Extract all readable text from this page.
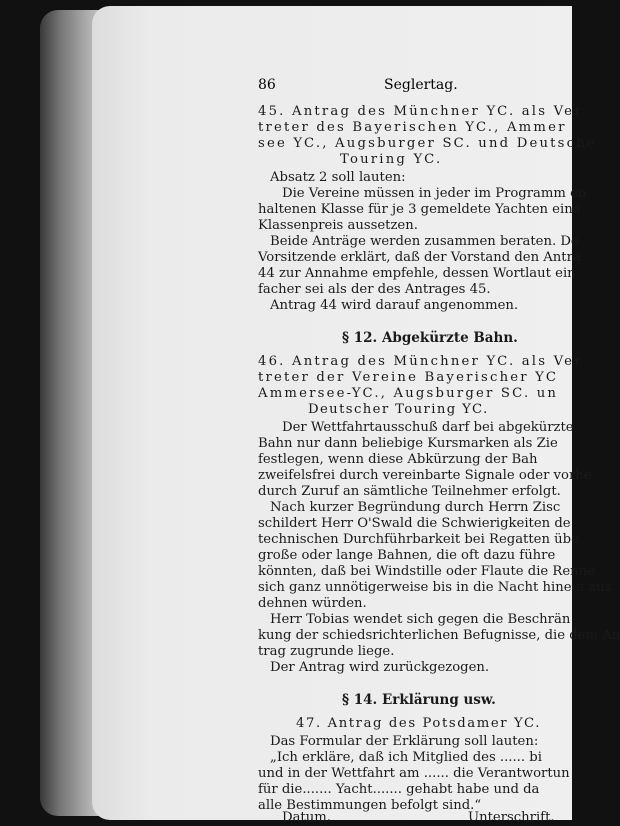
86	Seglertag.
45. Antrag des Münchner YC. als Ver
treter des Bayerischen YC., Ammer
see YC., Augsburger SC. und Deutsche
Touring YC.
Absatz 2 soll lauten:
Die Vereine müssen in jeder im Programm en
haltenen Klasse für je 3 gemeldete Yachten eine
Klassenpreis aussetzen.
Beide Anträge werden zusammen beraten. De
Vorsitzende erklärt, daß der Vorstand den Antra
44 zur Annahme empfehle, dessen Wortlaut ein
facher sei als der des Antrages 45.
Antrag 44 wird darauf angenommen.
§ 12. Abgekürzte Bahn.
46. Antrag des Münchner YC. als Ver
treter der Vereine Bayerischer YC
Ammersee-YC., Augsburger SC. un
Deutscher Touring YC.
Der Wettfahrtausschuß darf bei abgekürzte
Bahn nur dann beliebige Kursmarken als Zie
festlegen, wenn diese Abkürzung der Bah
zweifelsfrei durch vereinbarte Signale oder vorhe
durch Zuruf an sämtliche Teilnehmer erfolgt.
Nach kurzer Begründung durch Herrn Zisc
schildert Herr O'Swald die Schwierigkeiten de
technischen Durchführbarkeit bei Regatten übe
große oder lange Bahnen, die oft dazu führe
könnten, daß bei Windstille oder Flaute die Renne
sich ganz unnötigerweise bis in die Nacht hinein aus
dehnen würden.
Herr Tobias wendet sich gegen die Beschrän
kung der schiedsrichterlichen Befugnisse, die dem An
trag zugrunde liege.
Der Antrag wird zurückgezogen.
§ 14. Erklärung usw.
47. Antrag des Potsdamer YC.
Das Formular der Erklärung soll lauten:
„Ich erkläre, daß ich Mitglied des ...... bi
und in der Wettfahrt am ...... die Verantwortun
für die....... Yacht....... gehabt habe und da
alle Bestimmungen befolgt sind.“
Datum.	Unterschrift.
